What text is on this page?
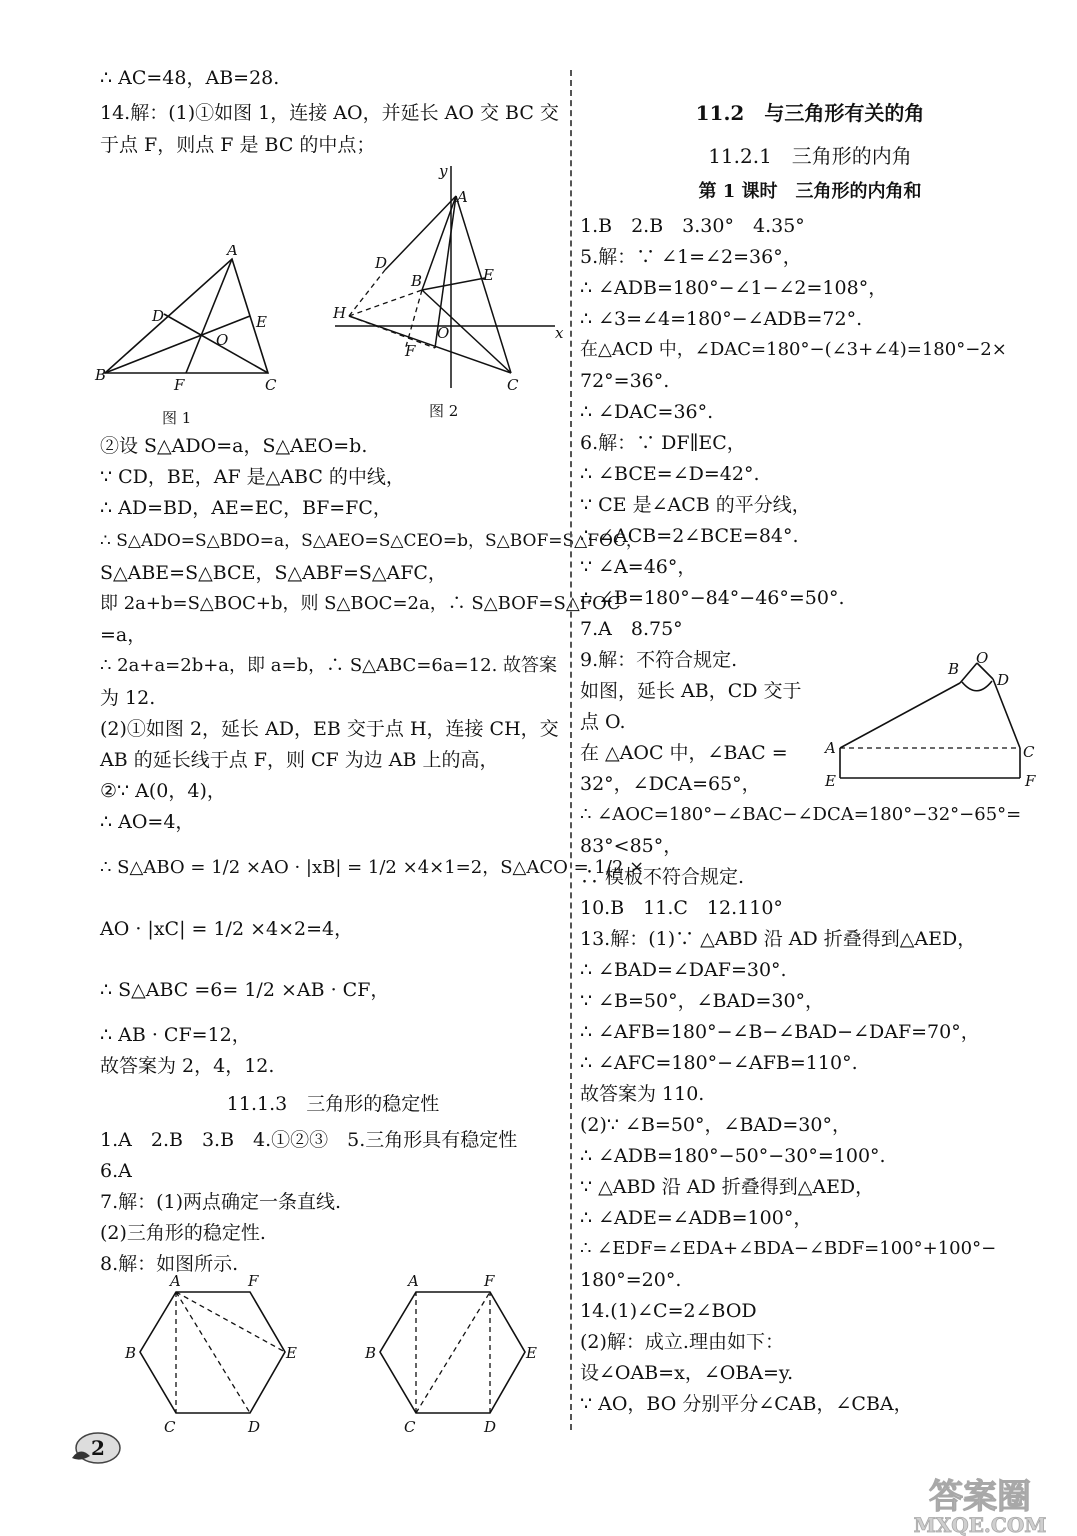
∴ AC=48，AB=28.
14.解：(1)①如图 1，连接 AO，并延长 AO 交 BC 交
于点 F，则点 F 是 BC 的中点；
B
A
C
D	E
O
F
图 1
y
x
A
D
B	E
H
O
F
C
图 2
②设 S△ADO=a，S△AEO=b.
∵ CD，BE，AF 是△ABC 的中线，
∴ AD=BD，AE=EC，BF=FC，
∴ S△ADO=S△BDO=a，S△AEO=S△CEO=b，S△BOF=S△FOC，
S△ABE=S△BCE，S△ABF=S△AFC，
即 2a+b=S△BOC+b，则 S△BOC=2a，∴ S△BOF=S△FOC
=a，
∴ 2a+a=2b+a，即 a=b，∴ S△ABC=6a=12. 故答案
为 12.
(2)①如图 2，延长 AD，EB 交于点 H，连接 CH，交
AB 的延长线于点 F，则 CF 为边 AB 上的高，
②∵ A(0，4)，
∴ AO=4，
∴ S△ABO = 1/2 ×AO · |xB| = 1/2 ×4×1=2，S△ACO = 1/2 ×
AO · |xC| = 1/2 ×4×2=4，
∴ S△ABC =6= 1/2 ×AB · CF，
∴ AB · CF=12，
故答案为 2，4，12.
11.1.3　三角形的稳定性
1.A　2.B　3.B　4.①②③　5.三角形具有稳定性
6.A
7.解：(1)两点确定一条直线.
(2)三角形的稳定性.
8.解：如图所示.
A	F
B	E
C	D
A	F
B	E
C	D
11.2　与三角形有关的角
11.2.1　三角形的内角
第 1 课时　三角形的内角和
1.B　2.B　3.30°　4.35°
5.解：∵ ∠1=∠2=36°，
∴ ∠ADB=180°−∠1−∠2=108°，
∴ ∠3=∠4=180°−∠ADB=72°.
在△ACD 中，∠DAC=180°−(∠3+∠4)=180°−2×
72°=36°.
∴ ∠DAC=36°.
6.解：∵ DF∥EC，
∴ ∠BCE=∠D=42°.
∵ CE 是∠ACB 的平分线，
∴ ∠ACB=2∠BCE=84°.
∵ ∠A=46°，
∴ ∠B=180°−84°−46°=50°.
7.A　8.75°
9.解：不符合规定.
如图，延长 AB，CD 交于
点 O.
在 △AOC 中，∠BAC =
32°，∠DCA=65°，
B
O
D
A	C
E	F
∴ ∠AOC=180°−∠BAC−∠DCA=180°−32°−65°=
83°<85°，
∴ 模板不符合规定.
10.B　11.C　12.110°
13.解：(1)∵ △ABD 沿 AD 折叠得到△AED，
∴ ∠BAD=∠DAF=30°.
∵ ∠B=50°，∠BAD=30°，
∴ ∠AFB=180°−∠B−∠BAD−∠DAF=70°，
∴ ∠AFC=180°−∠AFB=110°.
故答案为 110.
(2)∵ ∠B=50°，∠BAD=30°，
∴ ∠ADB=180°−50°−30°=100°.
∵ △ABD 沿 AD 折叠得到△AED，
∴ ∠ADE=∠ADB=100°，
∴ ∠EDF=∠EDA+∠BDA−∠BDF=100°+100°−
180°=20°.
14.(1)∠C=2∠BOD
(2)解：成立.理由如下：
设∠OAB=x，∠OBA=y.
∵ AO，BO 分别平分∠CAB，∠CBA，
2
答案圈
MXQE.COM
